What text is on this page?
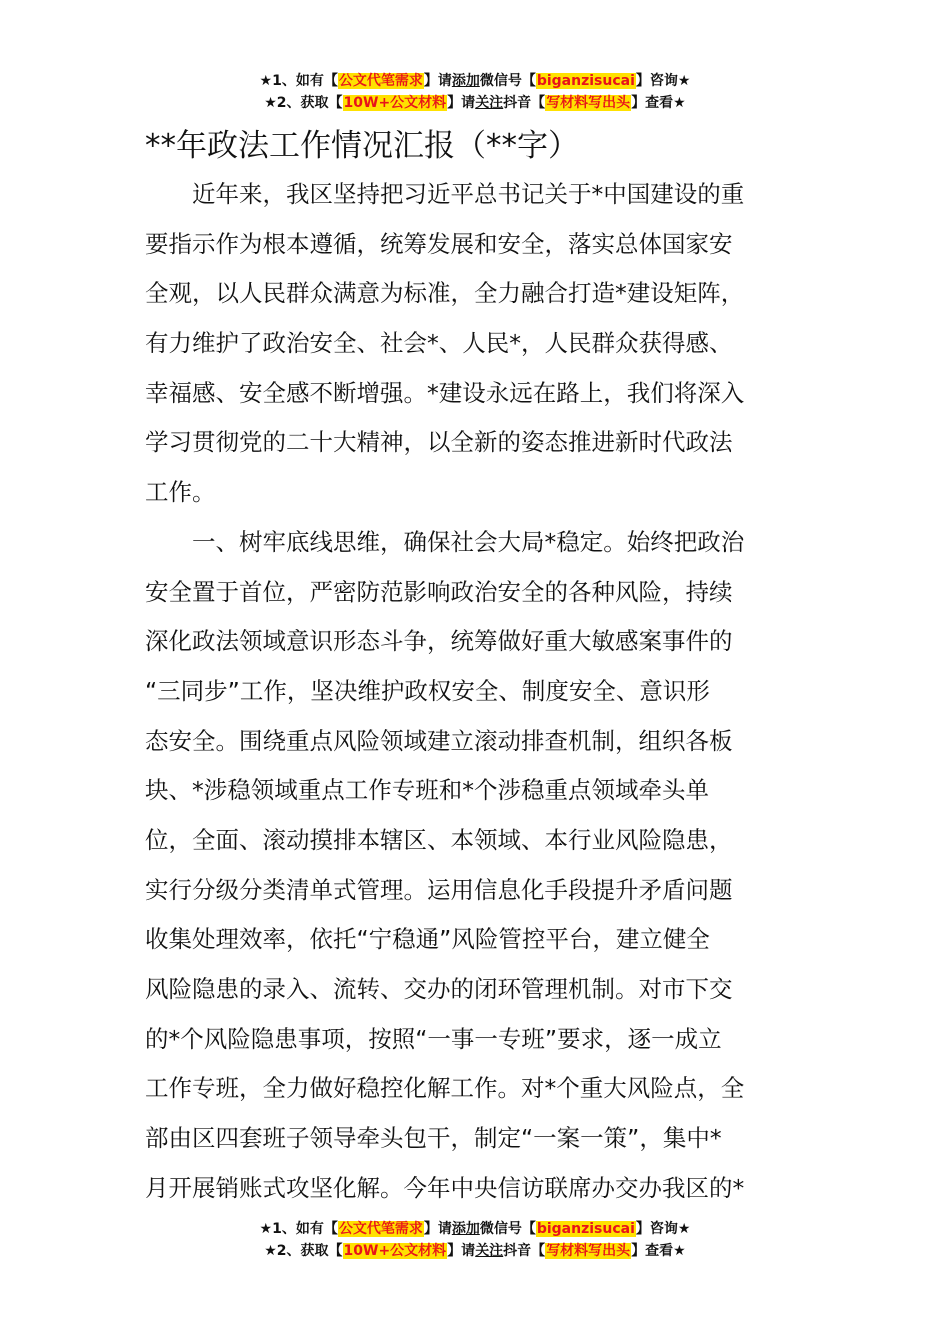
★1、如有【公文代笔需求】请添加微信号【biganzisucai】咨询★
★2、获取【10W+公文材料】请关注抖音【写材料写出头】查看★
**年政法工作情况汇报（**字）
　　近年来，我区坚持把习近平总书记关于*中国建设的重
要指示作为根本遵循，统筹发展和安全，落实总体国家安
全观，以人民群众满意为标准，全力融合打造*建设矩阵，
有力维护了政治安全、社会*、人民*，人民群众获得感、
幸福感、安全感不断增强。*建设永远在路上，我们将深入
学习贯彻党的二十大精神，以全新的姿态推进新时代政法
工作。
　　一、树牢底线思维，确保社会大局*稳定。始终把政治
安全置于首位，严密防范影响政治安全的各种风险，持续
深化政法领域意识形态斗争，统筹做好重大敏感案事件的
“三同步”工作，坚决维护政权安全、制度安全、意识形
态安全。围绕重点风险领域建立滚动排查机制，组织各板
块、*涉稳领域重点工作专班和*个涉稳重点领域牵头单
位，全面、滚动摸排本辖区、本领域、本行业风险隐患，
实行分级分类清单式管理。运用信息化手段提升矛盾问题
收集处理效率，依托“宁稳通”风险管控平台，建立健全
风险隐患的录入、流转、交办的闭环管理机制。对市下交
的*个风险隐患事项，按照“一事一专班”要求，逐一成立
工作专班，全力做好稳控化解工作。对*个重大风险点，全
部由区四套班子领导牵头包干，制定“一案一策”，集中*
月开展销账式攻坚化解。今年中央信访联席办交办我区的*
★1、如有【公文代笔需求】请添加微信号【biganzisucai】咨询★
★2、获取【10W+公文材料】请关注抖音【写材料写出头】查看★
